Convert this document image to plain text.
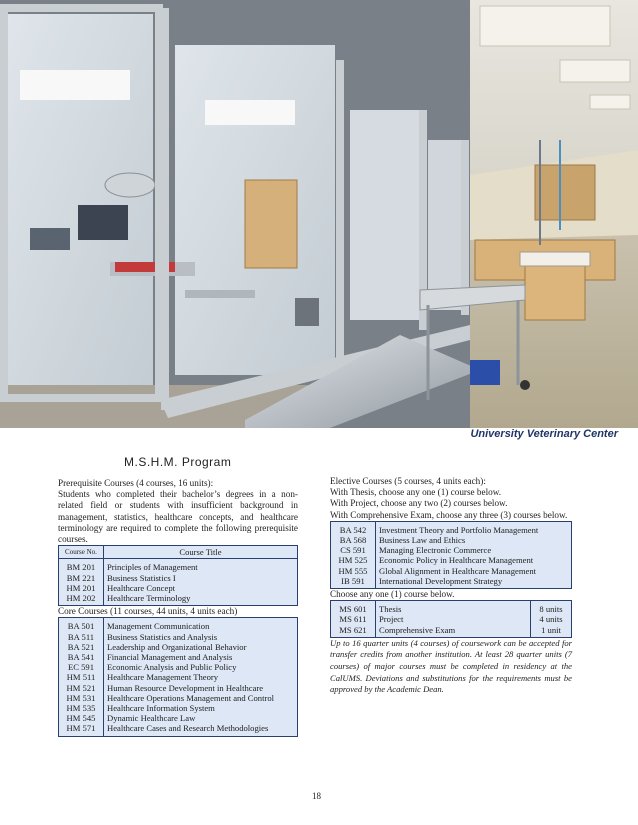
University Veterinary Center
M.S.H.M. Program

Prerequisite Courses (4 courses, 16 units):

Students who completed their bachelor’s degrees in a non-related field or students with insufficient background in management, statistics, healthcare concepts, and healthcare terminology are required to complete the following prerequisite courses.

Course No.	Course Title
BM 201	Principles of Management
BM 221	Business Statistics I
HM 201	Healthcare Concept
HM 202	Healthcare Terminology

Core Courses (11 courses, 44 units, 4 units each)

BA 501	Management Communication
BA 511	Business Statistics and Analysis
BA 521	Leadership and Organizational Behavior
BA 541	Financial Management and Analysis
EC 591	Economic Analysis and Public Policy
HM 511	Healthcare Management Theory
HM 521	Human Resource Development in Healthcare
HM 531	Healthcare Operations Management and Control
HM 535	Healthcare Information System
HM 545	Dynamic Healthcare Law
HM 571	Healthcare Cases and Research Methodologies

Elective Courses (5 courses, 4 units each):

With Thesis, choose any one (1) course below.

With Project, choose any two (2) courses below.

With Comprehensive Exam, choose any three (3) courses below.

BA 542	Investment Theory and Portfolio Management
BA 568	Business Law and Ethics
CS 591	Managing Electronic Commerce
HM 525	Economic Policy in Healthcare Management
HM 555	Global Alignment in Healthcare Management
IB 591	International Development Strategy

Choose any one (1) course below.

MS 601	Thesis	8 units
MS 611	Project	4 units
MS 621	Comprehensive Exam	1 unit

Up to 16 quarter units (4 courses) of coursework can be accepted for transfer credits from another institution. At least 28 quarter units (7 courses) of major courses must be completed in residency at the CalUMS. Deviations and substitutions for the requirements must be approved by the Academic Dean.

18
